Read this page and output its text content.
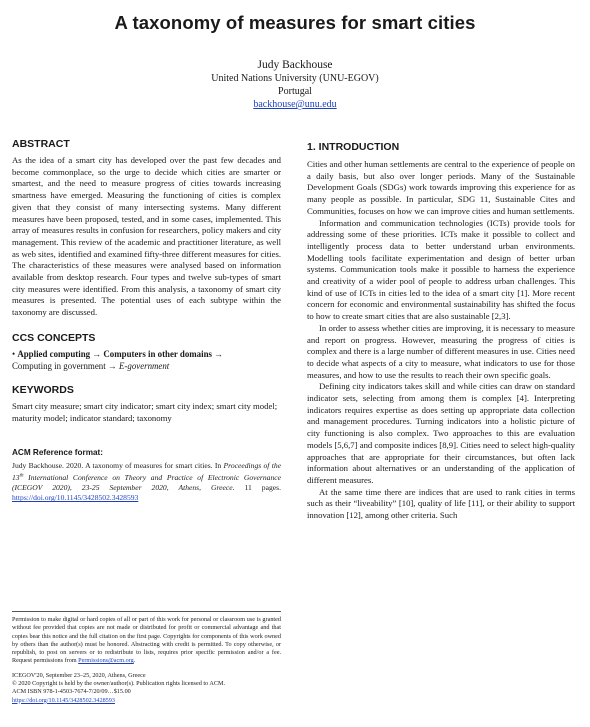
A taxonomy of measures for smart cities
Judy Backhouse
United Nations University (UNU-EGOV)
Portugal
backhouse@unu.edu
ABSTRACT

As the idea of a smart city has developed over the past few decades and become commonplace, so the urge to decide which cities are smarter or smartest, and the need to measure progress of cities towards increasing smartness have emerged. Measuring the functioning of cities is complex given that they consist of many intersecting systems. Many different measures have been proposed, tested, and in some cases, implemented. This array of measures results in confusion for researchers, policy makers and city management. This review of the academic and practitioner literature, as well as web sites, identified and examined fifty-three different measures for cities. The characteristics of these measures were analysed based on information available from desktop research. Four types and twelve sub-types of smart city measures were identified. From this analysis, a taxonomy of smart city measures is presented. The potential uses of each subtype within the taxonomy are discussed.

CCS CONCEPTS
• Applied computing → Computers in other domains →
Computing in government → E-government
KEYWORDS

Smart city measure; smart city indicator; smart city index; smart city model; maturity model; indicator standard; taxonomy

ACM Reference format:

Judy Backhouse. 2020. A taxonomy of measures for smart cities. In Proceedings of the 13th International Conference on Theory and Practice of Electronic Governance (ICEGOV 2020), 23-25 September 2020, Athens, Greece. 11 pages. https://doi.org/10.1145/3428502.3428593

Permission to make digital or hard copies of all or part of this work for personal or classroom use is granted without fee provided that copies are not made or distributed for profit or commercial advantage and that copies bear this notice and the full citation on the first page. Copyrights for components of this work owned by others than the author(s) must be honored. Abstracting with credit is permitted. To copy otherwise, or republish, to post on servers or to redistribute to lists, requires prior specific permission and/or a fee. Request permissions from Permissions@acm.org.

ICEGOV'20, September 23–25, 2020, Athens, Greece

© 2020 Copyright is held by the owner/author(s). Publication rights licensed to ACM.

ACM ISBN 978-1-4503-7674-7/20/09…$15.00

https://doi.org/10.1145/3428502.3428593

1. INTRODUCTION

Cities and other human settlements are central to the experience of people on a daily basis, but also over longer periods. Many of the Sustainable Development Goals (SDGs) work towards improving this experience for as many people as possible. In particular, SDG 11, Sustainable Cites and Communities, focuses on how we can improve cities and human settlements.

Information and communication technologies (ICTs) provide tools for addressing some of these priorities. ICTs make it possible to collect and intelligently process data to better understand urban environments. Modelling tools facilitate experimentation and design of better urban systems. Communication tools make it possible to harness the experience and creativity of a wider pool of people to address urban challenges. This kind of use of ICTs in cities led to the idea of a smart city [1]. More recent concern for economic and environmental sustainability has shifted the focus to how to create smart cities that are also sustainable [2,3].

In order to assess whether cities are improving, it is necessary to measure and report on progress. However, measuring the progress of cities is complex and there is a large number of different measures in use. Cities need to decide what aspects of a city to measure, what indicators to use for those measures, and how to use the results to reach their own specific goals.

Defining city indicators takes skill and while cities can draw on standard indicator sets, selecting from among them is complex [4]. Interpreting indicators requires expertise as does setting up appropriate data collection and management procedures. Turning indicators into a holistic picture of city functioning is also complex. Two approaches to this are evaluation models [5,6,7] and composite indices [8,9]. Cities need to select high-quality approaches that are appropriate for their circumstances, but often lack information about alternatives or an understanding of the application of different measures.

At the same time there are indices that are used to rank cities in terms such as their “liveability” [10], quality of life [11], or their ability to support innovation [12], among other criteria. Such
